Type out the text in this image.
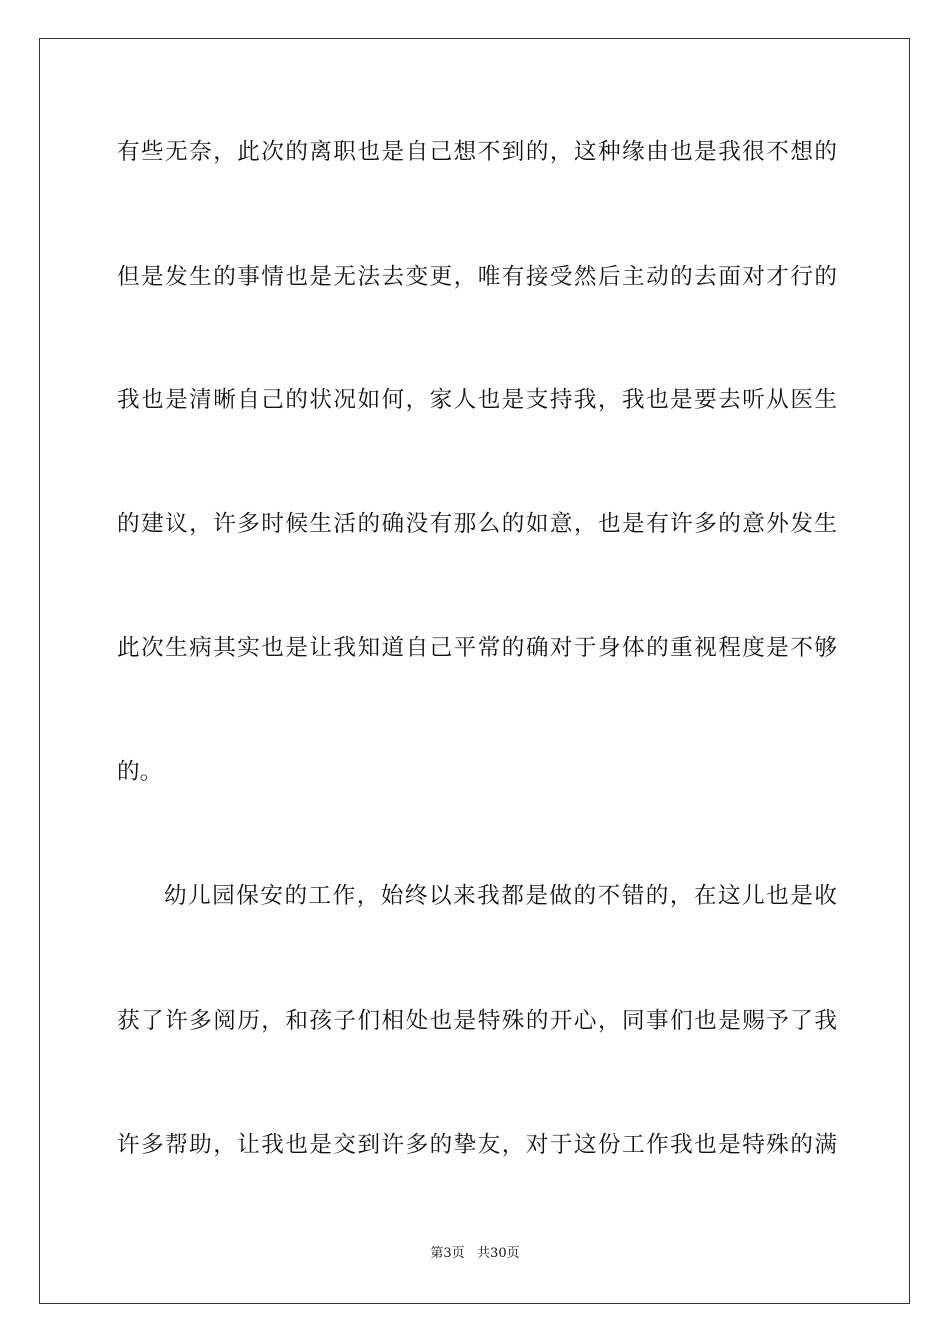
有些无奈，此次的离职也是自己想不到的，这种缘由也是我很不想的
但是发生的事情也是无法去变更，唯有接受然后主动的去面对才行的
我也是清晰自己的状况如何，家人也是支持我，我也是要去听从医生
的建议，许多时候生活的确没有那么的如意，也是有许多的意外发生
此次生病其实也是让我知道自己平常的确对于身体的重视程度是不够
的。
幼儿园保安的工作，始终以来我都是做的不错的，在这儿也是收
获了许多阅历，和孩子们相处也是特殊的开心，同事们也是赐予了我
许多帮助，让我也是交到许多的挚友，对于这份工作我也是特殊的满
第3页   共30页
